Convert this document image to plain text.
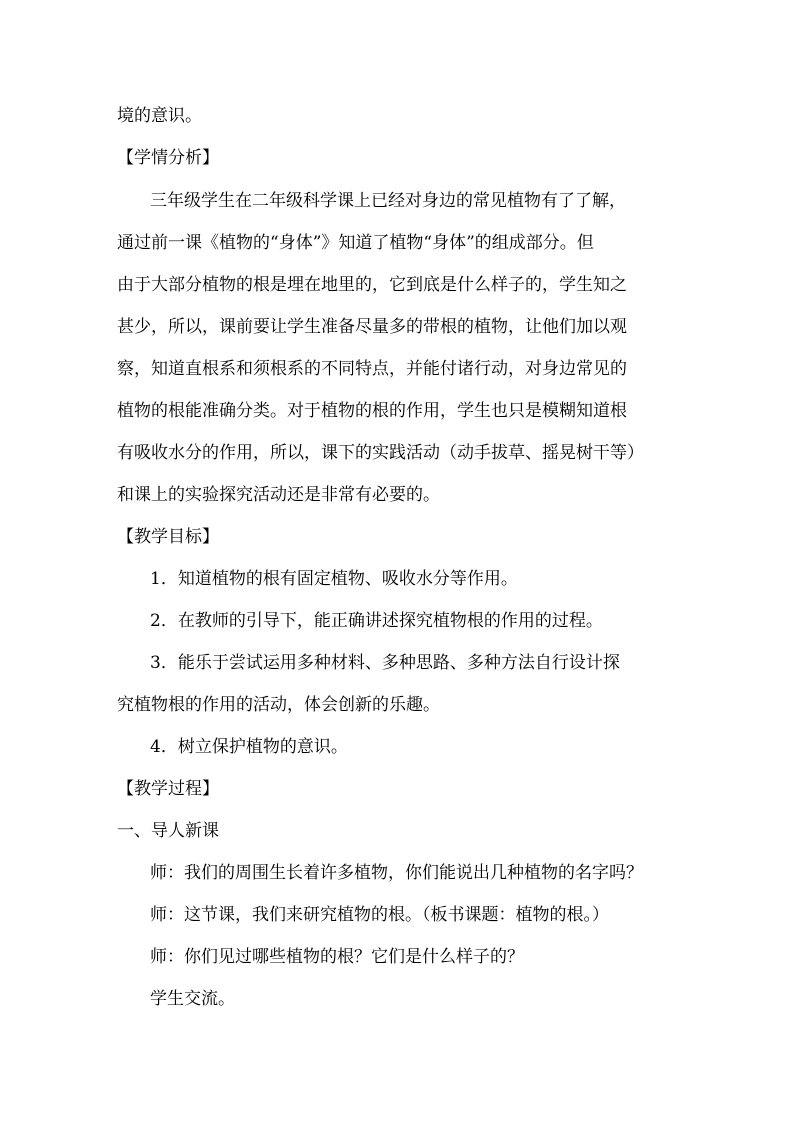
境的意识。
【学情分析】
三年级学生在二年级科学课上已经对身边的常见植物有了了解，
通过前一课《植物的“身体”》知道了植物“身体”的组成部分。但
由于大部分植物的根是埋在地里的，它到底是什么样子的，学生知之
甚少，所以，课前要让学生准备尽量多的带根的植物，让他们加以观
察，知道直根系和须根系的不同特点，并能付诸行动，对身边常见的
植物的根能准确分类。对于植物的根的作用，学生也只是模糊知道根
有吸收水分的作用，所以，课下的实践活动（动手拔草、摇晃树干等）
和课上的实验探究活动还是非常有必要的。
【教学目标】
1．知道植物的根有固定植物、吸收水分等作用。
2．在教师的引导下，能正确讲述探究植物根的作用的过程。
3．能乐于尝试运用多种材料、多种思路、多种方法自行设计探
究植物根的作用的活动，体会创新的乐趣。
4．树立保护植物的意识。
【教学过程】
一、导人新课
师：我们的周围生长着许多植物，你们能说出几种植物的名字吗？
师：这节课，我们来研究植物的根。（板书课题：植物的根。）
师：你们见过哪些植物的根？它们是什么样子的？
学生交流。
